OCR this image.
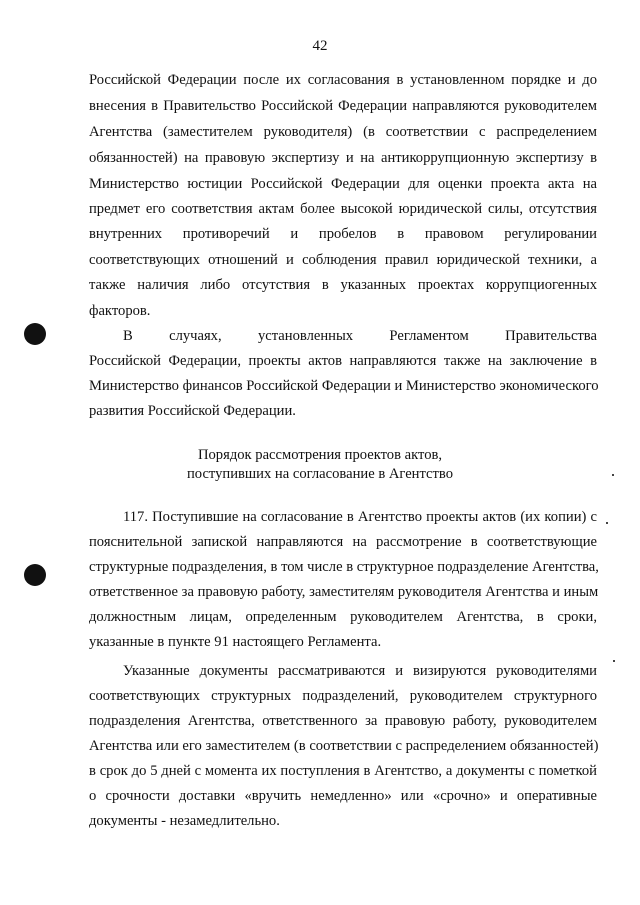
42
Российской Федерации после их согласования в установленном порядке и до
внесения в Правительство Российской Федерации направляются руководителем
Агентства (заместителем руководителя) (в соответствии с распределением
обязанностей) на правовую экспертизу и на антикоррупционную экспертизу в
Министерство юстиции Российской Федерации для оценки проекта акта на
предмет его соответствия актам более высокой юридической силы, отсутствия
внутренних противоречий и пробелов в правовом регулировании
соответствующих отношений и соблюдения правил юридической техники, а
также наличия либо отсутствия в указанных проектах коррупциогенных
факторов.
В случаях, установленных Регламентом Правительства
Российской Федерации, проекты актов направляются также на заключение в
Министерство финансов Российской Федерации и Министерство экономического
развития Российской Федерации.
Порядок рассмотрения проектов актов,
поступивших на согласование в Агентство
117. Поступившие на согласование в Агентство проекты актов (их копии) с
пояснительной запиской направляются на рассмотрение в соответствующие
структурные подразделения, в том числе в структурное подразделение Агентства,
ответственное за правовую работу, заместителям руководителя Агентства и иным
должностным лицам, определенным руководителем Агентства, в сроки,
указанные в пункте 91 настоящего Регламента.
Указанные документы рассматриваются и визируются руководителями
соответствующих структурных подразделений, руководителем структурного
подразделения Агентства, ответственного за правовую работу, руководителем
Агентства или его заместителем (в соответствии с распределением обязанностей)
в срок до 5 дней с момента их поступления в Агентство, а документы с пометкой
о срочности доставки «вручить немедленно» или «срочно» и оперативные
документы - незамедлительно.
